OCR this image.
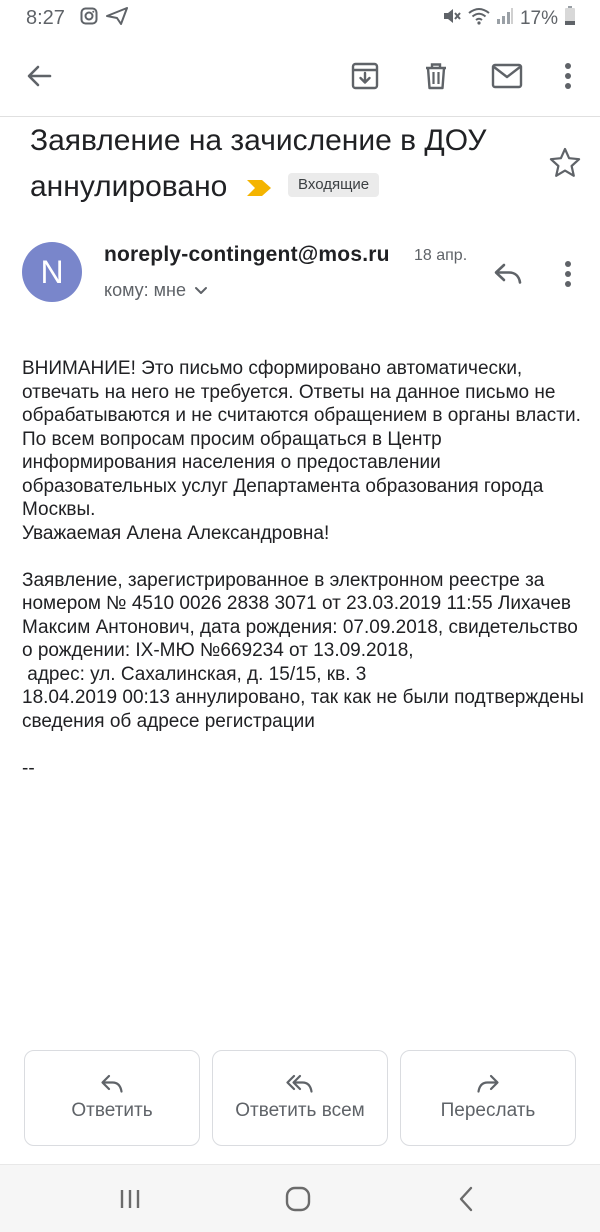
8:27	17%
Заявление на зачисление в ДОУ аннулировано	Входящие
N	noreply-contingent@mos.ru	18 апр.
кому: мне

ВНИМАНИЕ! Это письмо сформировано автоматически, отвечать на него не требуется. Ответы на данное письмо не обрабатываются и не считаются обращением в органы власти. По всем вопросам просим обращаться в Центр информирования населения о предоставлении образовательных услуг Департамента образования города Москвы.

Уважаемая Алена Александровна!

Заявление, зарегистрированное в электронном реестре за номером № 4510 0026 2838 3071 от 23.03.2019 11:55 Лихачев Максим Антонович, дата рождения: 07.09.2018, свидетельство о рождении: IX-МЮ №669234 от 13.09.2018,

адрес: ул. Сахалинская, д. 15/15, кв. 3

18.04.2019 00:13 аннулировано, так как не были подтверждены сведения об адресе регистрации

--

Ответить	Ответить всем	Переслать
